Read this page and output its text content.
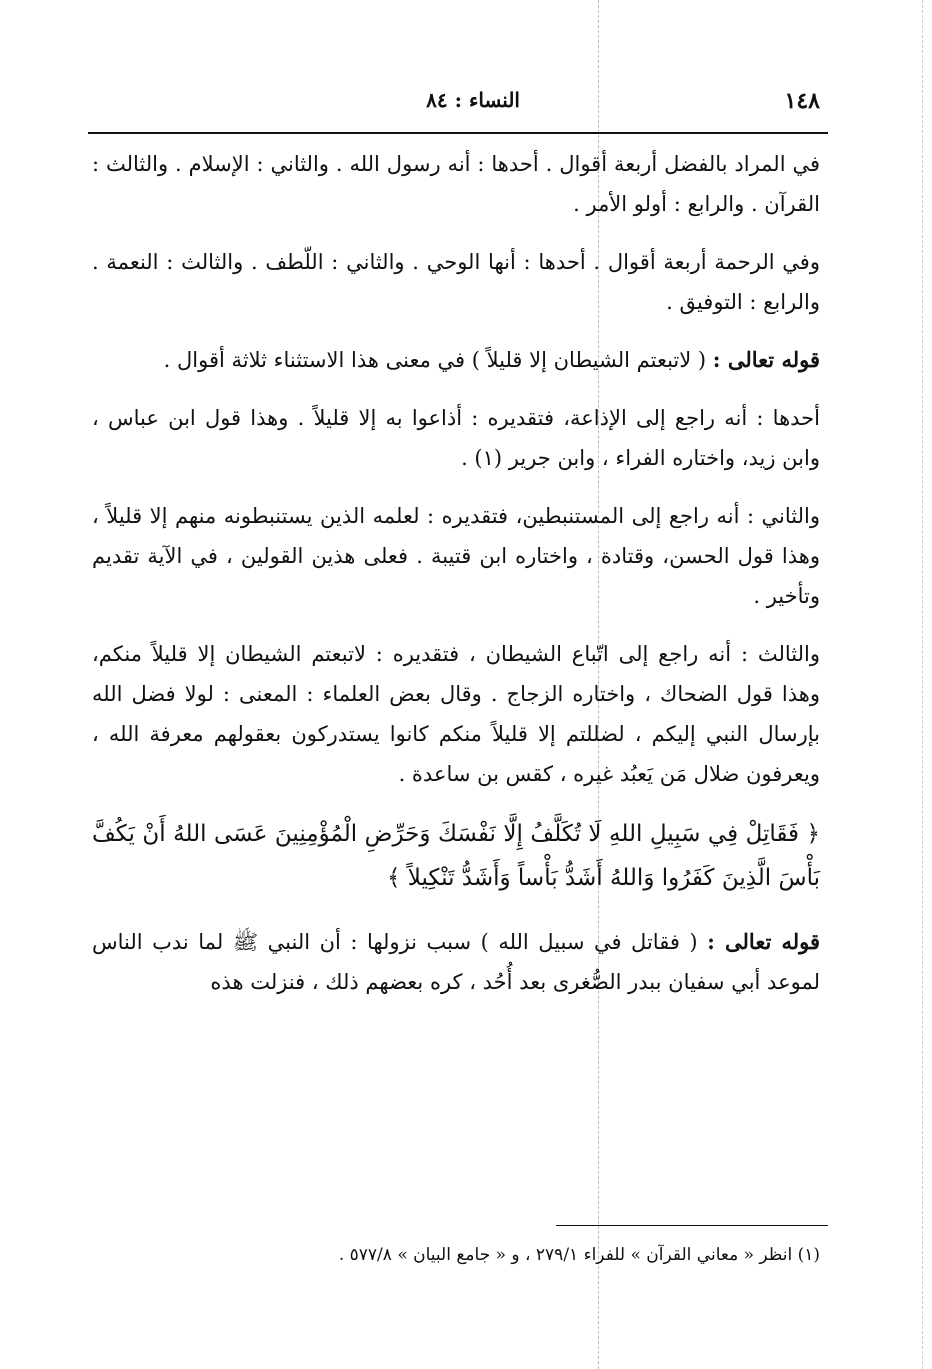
١٤٨
النساء : ٨٤

في المراد بالفضل أربعة أقوال . أحدها : أنه رسول الله . والثاني : الإسلام . والثالث : القرآن . والرابع : أولو الأمر .

وفي الرحمة أربعة أقوال . أحدها : أنها الوحي . والثاني : اللّطف . والثالث : النعمة . والرابع : التوفيق .

قوله تعالى : ( لاتبعتم الشيطان إلا قليلاً ) في معنى هذا الاستثناء ثلاثة أقوال .

أحدها : أنه راجع إلى الإذاعة، فتقديره : أذاعوا به إلا قليلاً . وهذا قول ابن عباس ، وابن زيد، واختاره الفراء ، وابن جرير (١) .

والثاني : أنه راجع إلى المستنبطين، فتقديره : لعلمه الذين يستنبطونه منهم إلا قليلاً ، وهذا قول الحسن، وقتادة ، واختاره ابن قتيبة . فعلى هذين القولين ، في الآية تقديم وتأخير .

والثالث : أنه راجع إلى اتّباع الشيطان ، فتقديره : لاتبعتم الشيطان إلا قليلاً منكم، وهذا قول الضحاك ، واختاره الزجاج . وقال بعض العلماء : المعنى : لولا فضل الله بإرسال النبي إليكم ، لضللتم إلا قليلاً منكم كانوا يستدركون بعقولهم معرفة الله ، ويعرفون ضلال مَن يَعبُد غيره ، كقس بن ساعدة .

﴿ فَقَاتِلْ فِي سَبِيلِ اللهِ لَا تُكَلَّفُ إِلَّا نَفْسَكَ وَحَرِّضِ الْمُؤْمِنِينَ عَسَى اللهُ أَنْ يَكُفَّ بَأْسَ الَّذِينَ كَفَرُوا وَاللهُ أَشَدُّ بَأْساً وَأَشَدُّ تَنْكِيلاً ﴾

قوله تعالى : ( فقاتل في سبيل الله ) سبب نزولها : أن النبي ﷺ لما ندب الناس لموعد أبي سفيان ببدر الصُّغرى بعد أُحُد ، كره بعضهم ذلك ، فنزلت هذه

(١) انظر « معاني القرآن » للفراء ٢٧٩/١ ، و « جامع البيان » ٥٧٧/٨ .
